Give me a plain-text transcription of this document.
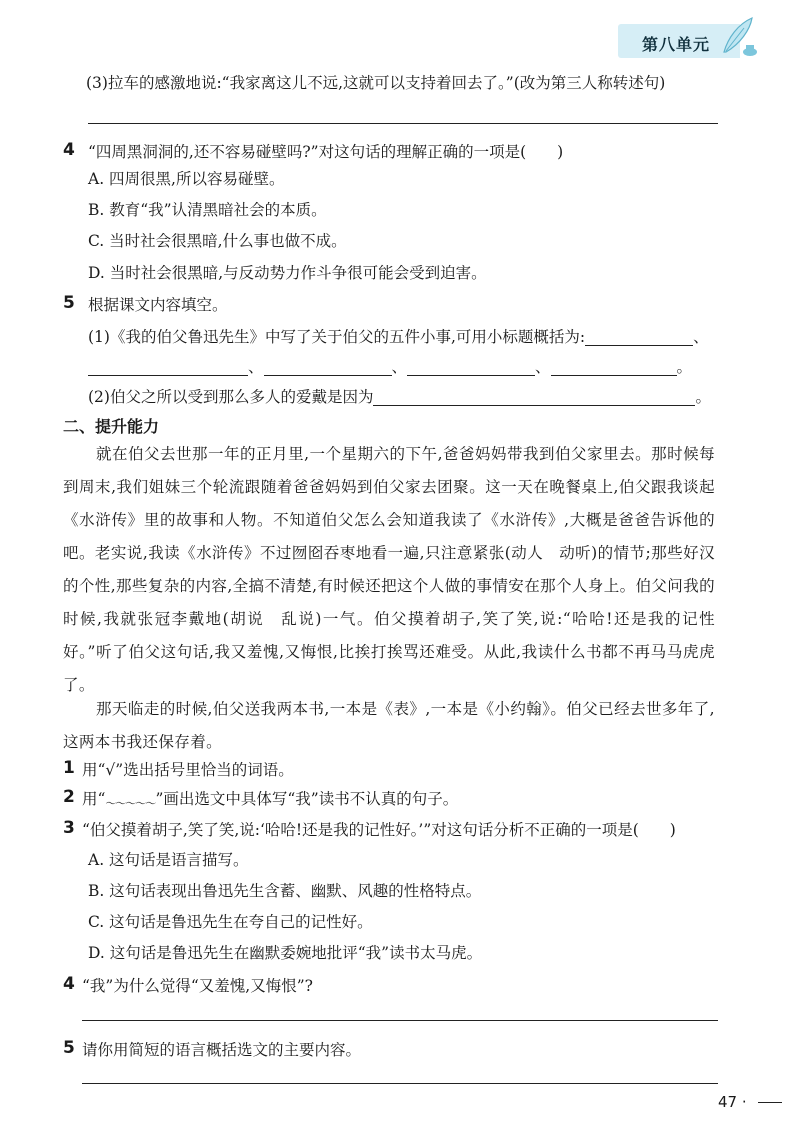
第八单元
(3)拉车的感激地说:“我家离这儿不远,这就可以支持着回去了。”(改为第三人称转述句)
4 “四周黑洞洞的,还不容易碰壁吗?”对这句话的理解正确的一项是(　　)
A. 四周很黑,所以容易碰壁。
B. 教育“我”认清黑暗社会的本质。
C. 当时社会很黑暗,什么事也做不成。
D. 当时社会很黑暗,与反动势力作斗争很可能会受到迫害。
5 根据课文内容填空。
(1)《我的伯父鲁迅先生》中写了关于伯父的五件小事,可用小标题概括为:	、
、	、	、	。
(2)伯父之所以受到那么多人的爱戴是因为	。
二、提升能力
就在伯父去世那一年的正月里,一个星期六的下午,爸爸妈妈带我到伯父家里去。那时候每到周末,我们姐妹三个轮流跟随着爸爸妈妈到伯父家去团聚。这一天在晚餐桌上,伯父跟我谈起《水浒传》里的故事和人物。不知道伯父怎么会知道我读了《水浒传》,大概是爸爸告诉他的吧。老实说,我读《水浒传》不过囫囵吞枣地看一遍,只注意紧张(动人　动听)的情节;那些好汉的个性,那些复杂的内容,全搞不清楚,有时候还把这个人做的事情安在那个人身上。伯父问我的时候,我就张冠李戴地(胡说　乱说)一气。伯父摸着胡子,笑了笑,说:“哈哈!还是我的记性好。”听了伯父这句话,我又羞愧,又悔恨,比挨打挨骂还难受。从此,我读什么书都不再马马虎虎了。
那天临走的时候,伯父送我两本书,一本是《表》,一本是《小约翰》。伯父已经去世多年了,这两本书我还保存着。
1 用“√”选出括号里恰当的词语。
2 用“～～～～～”画出选文中具体写“我”读书不认真的句子。
3 “伯父摸着胡子,笑了笑,说:‘哈哈!还是我的记性好。’”对这句话分析不正确的一项是(　　)
A. 这句话是语言描写。
B. 这句话表现出鲁迅先生含蓄、幽默、风趣的性格特点。
C. 这句话是鲁迅先生在夸自己的记性好。
D. 这句话是鲁迅先生在幽默委婉地批评“我”读书太马虎。
4 “我”为什么觉得“又羞愧,又悔恨”?
5 请你用简短的语言概括选文的主要内容。
47 ·
